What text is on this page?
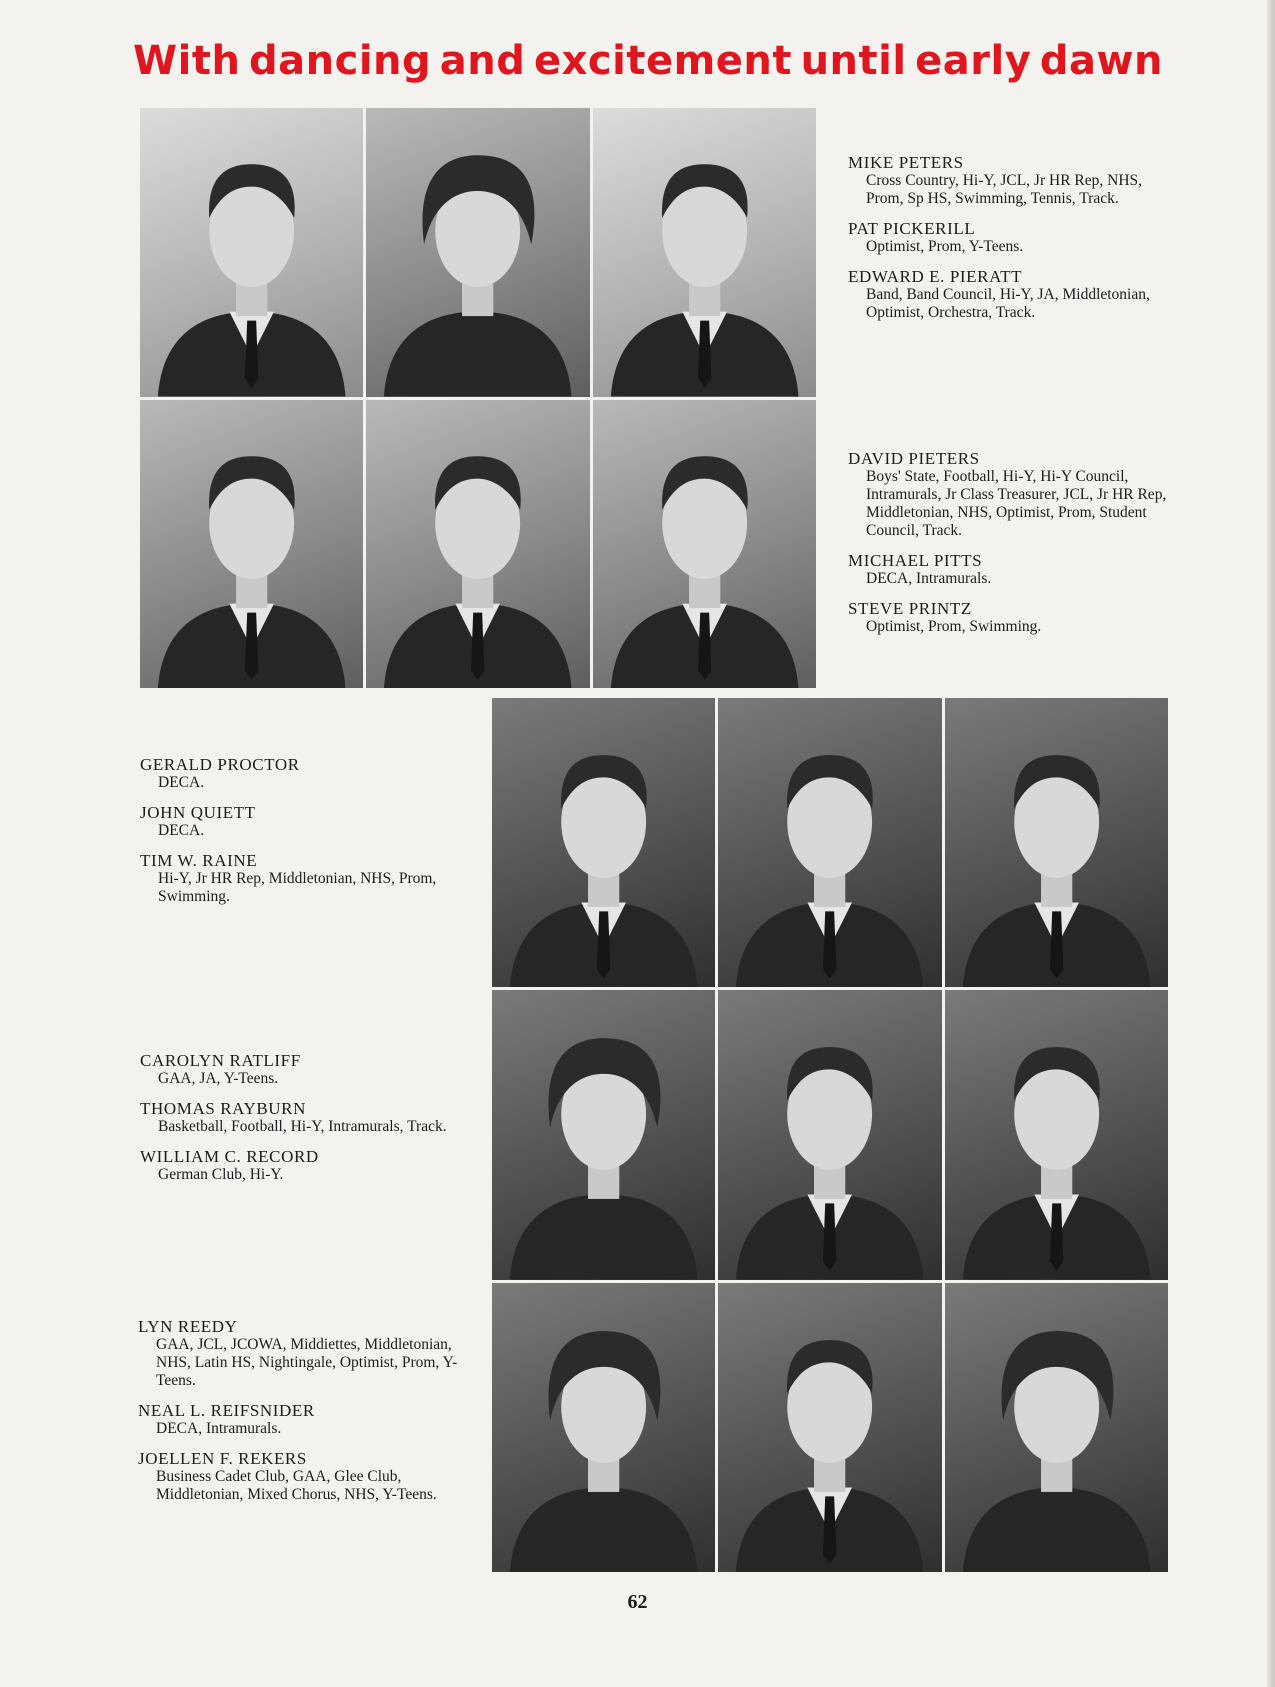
With dancing and excitement until early dawn
MIKE PETERS
Cross Country, Hi-Y, JCL, Jr HR Rep, NHS, Prom, Sp HS, Swimming, Tennis, Track.
PAT PICKERILL
Optimist, Prom, Y-Teens.
EDWARD E. PIERATT
Band, Band Council, Hi-Y, JA, Middletonian, Optimist, Orchestra, Track.
DAVID PIETERS
Boys' State, Football, Hi-Y, Hi-Y Council, Intramurals, Jr Class Treasurer, JCL, Jr HR Rep, Middletonian, NHS, Optimist, Prom, Student Council, Track.
MICHAEL PITTS
DECA, Intramurals.
STEVE PRINTZ
Optimist, Prom, Swimming.
GERALD PROCTOR
DECA.
JOHN QUIETT
DECA.
TIM W. RAINE
Hi-Y, Jr HR Rep, Middletonian, NHS, Prom, Swimming.
CAROLYN RATLIFF
GAA, JA, Y-Teens.
THOMAS RAYBURN
Basketball, Football, Hi-Y, Intramurals, Track.
WILLIAM C. RECORD
German Club, Hi-Y.
LYN REEDY
GAA, JCL, JCOWA, Middiettes, Middletonian, NHS, Latin HS, Nightingale, Optimist, Prom, Y-Teens.
NEAL L. REIFSNIDER
DECA, Intramurals.
JOELLEN F. REKERS
Business Cadet Club, GAA, Glee Club, Middletonian, Mixed Chorus, NHS, Y-Teens.
62
